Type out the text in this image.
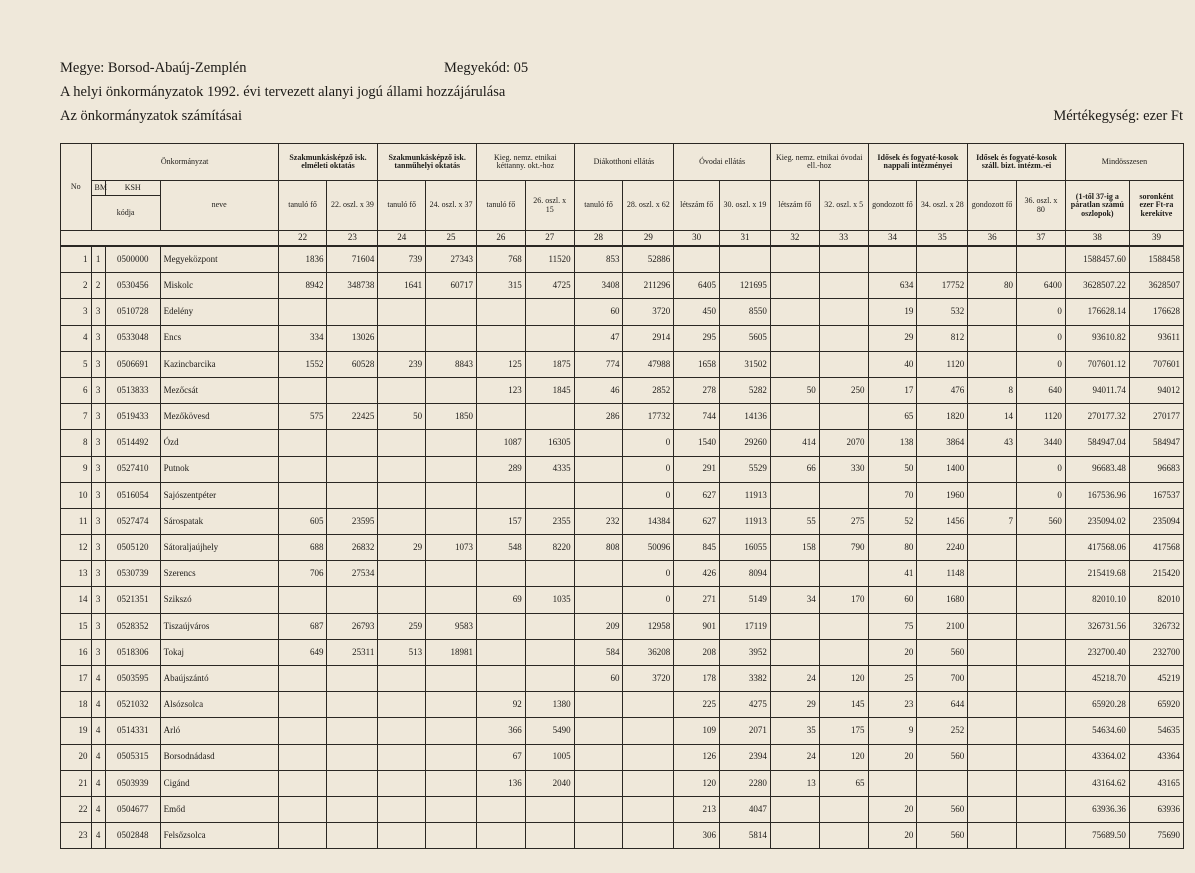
Megye: Borsod-Abaúj-Zemplén	Megyekód: 05
A helyi önkormányzatok 1992. évi tervezett alanyi jogú állami hozzájárulása
Az önkormányzatok számításai	Mértékegység: ezer Ft
No	Önkormányzat			Szakmunkásképző isk. elméleti oktatás		Szakmunkásképző isk. tanműhelyi oktatás		Kieg. nemz. etnikai kéttanny. okt.-hoz		Diákotthoni ellátás		Óvodai ellátás		Kieg. nemz. etnikai óvodai ell.-hoz		Idősek és fogyaté-kosok nappali intézményei		Idősek és fogyaté-kosok száll. bizt. intézm.-ei		Mindösszesen	
	BM	KSH	neve	tanuló fő	22. oszl. x 39	tanuló fő	24. oszl. x 37	tanuló fő	26. oszl. x 15	tanuló fő	28. oszl. x 62	létszám fő	30. oszl. x 19	létszám fő	32. oszl. x 5	gondozott fő	34. oszl. x 28	gondozott fő	36. oszl. x 80	(1-től 37-ig a páratlan számú oszlopok)	soronként ezer Ft-ra kerekítve
	kódja																				
				22	23	24	25	26	27	28	29	30	31	32	33	34	35	36	37	38	39
1	1	0500000	Megyeközpont	1836	71604	739	27343	768	11520	853	52886									1588457.60	1588458
2	2	0530456	Miskolc	8942	348738	1641	60717	315	4725	3408	211296	6405	121695			634	17752	80	6400	3628507.22	3628507
3	3	0510728	Edelény							60	3720	450	8550			19	532		0	176628.14	176628
4	3	0533048	Encs	334	13026					47	2914	295	5605			29	812		0	93610.82	93611
5	3	0506691	Kazincbarcika	1552	60528	239	8843	125	1875	774	47988	1658	31502			40	1120		0	707601.12	707601
6	3	0513833	Mezőcsát					123	1845	46	2852	278	5282	50	250	17	476	8	640	94011.74	94012
7	3	0519433	Mezőkövesd	575	22425	50	1850			286	17732	744	14136			65	1820	14	1120	270177.32	270177
8	3	0514492	Ózd					1087	16305		0	1540	29260	414	2070	138	3864	43	3440	584947.04	584947
9	3	0527410	Putnok					289	4335		0	291	5529	66	330	50	1400		0	96683.48	96683
10	3	0516054	Sajószentpéter								0	627	11913			70	1960		0	167536.96	167537
11	3	0527474	Sárospatak	605	23595			157	2355	232	14384	627	11913	55	275	52	1456	7	560	235094.02	235094
12	3	0505120	Sátoraljaújhely	688	26832	29	1073	548	8220	808	50096	845	16055	158	790	80	2240			417568.06	417568
13	3	0530739	Szerencs	706	27534						0	426	8094			41	1148			215419.68	215420
14	3	0521351	Szikszó					69	1035		0	271	5149	34	170	60	1680			82010.10	82010
15	3	0528352	Tiszaújváros	687	26793	259	9583			209	12958	901	17119			75	2100			326731.56	326732
16	3	0518306	Tokaj	649	25311	513	18981			584	36208	208	3952			20	560			232700.40	232700
17	4	0503595	Abaújszántó							60	3720	178	3382	24	120	25	700			45218.70	45219
18	4	0521032	Alsózsolca					92	1380			225	4275	29	145	23	644			65920.28	65920
19	4	0514331	Arló					366	5490			109	2071	35	175	9	252			54634.60	54635
20	4	0505315	Borsodnádasd					67	1005			126	2394	24	120	20	560			43364.02	43364
21	4	0503939	Cigánd					136	2040			120	2280	13	65					43164.62	43165
22	4	0504677	Emőd									213	4047			20	560			63936.36	63936
23	4	0502848	Felsőzsolca									306	5814			20	560			75689.50	75690
